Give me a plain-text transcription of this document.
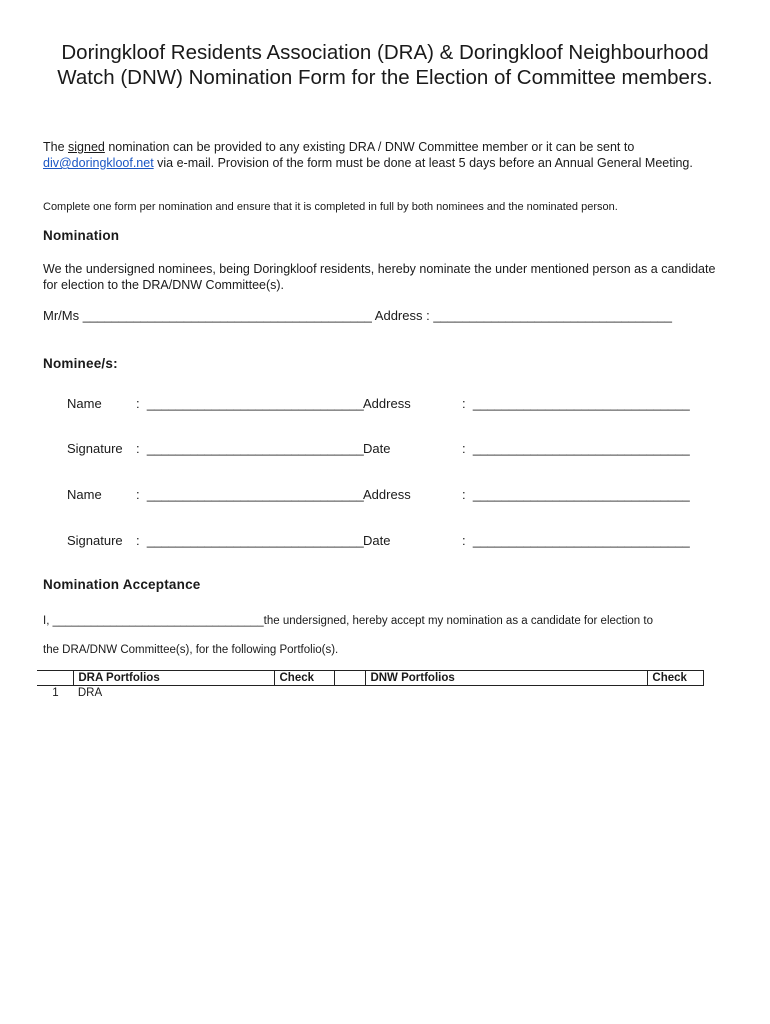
Doringkloof Residents Association (DRA) & Doringkloof Neighbourhood Watch (DNW) Nomination Form for the Election of Committee members.

The signed nomination can be provided to any existing DRA / DNW Committee member or it can be sent to div@doringkloof.net via e-mail. Provision of the form must be done at least 5 days before an Annual General Meeting.

Complete one form per nomination and ensure that it is completed in full by both nominees and the nominated person.

Nomination

We the undersigned nominees, being Doringkloof residents, hereby nominate the under mentioned person as a candidate for election to the DRA/DNW Committee(s).

Mr/Ms ________________________________________ Address : _________________________________

Nominee/s:
Name	:  ______________________________ Address	:  ______________________________
Signature :  ______________________________ Date	:  ______________________________
Name	:  ______________________________ Address	:  ______________________________
Signature :  ______________________________ Date	:  ______________________________
Nomination Acceptance

I, _________________________________the undersigned, hereby accept my nomination as a candidate for election to

the DRA/DNW Committee(s), for the following Portfolio(s).

	DRA Portfolios	Check		DNW Portfolios	Check
1	DRA				
